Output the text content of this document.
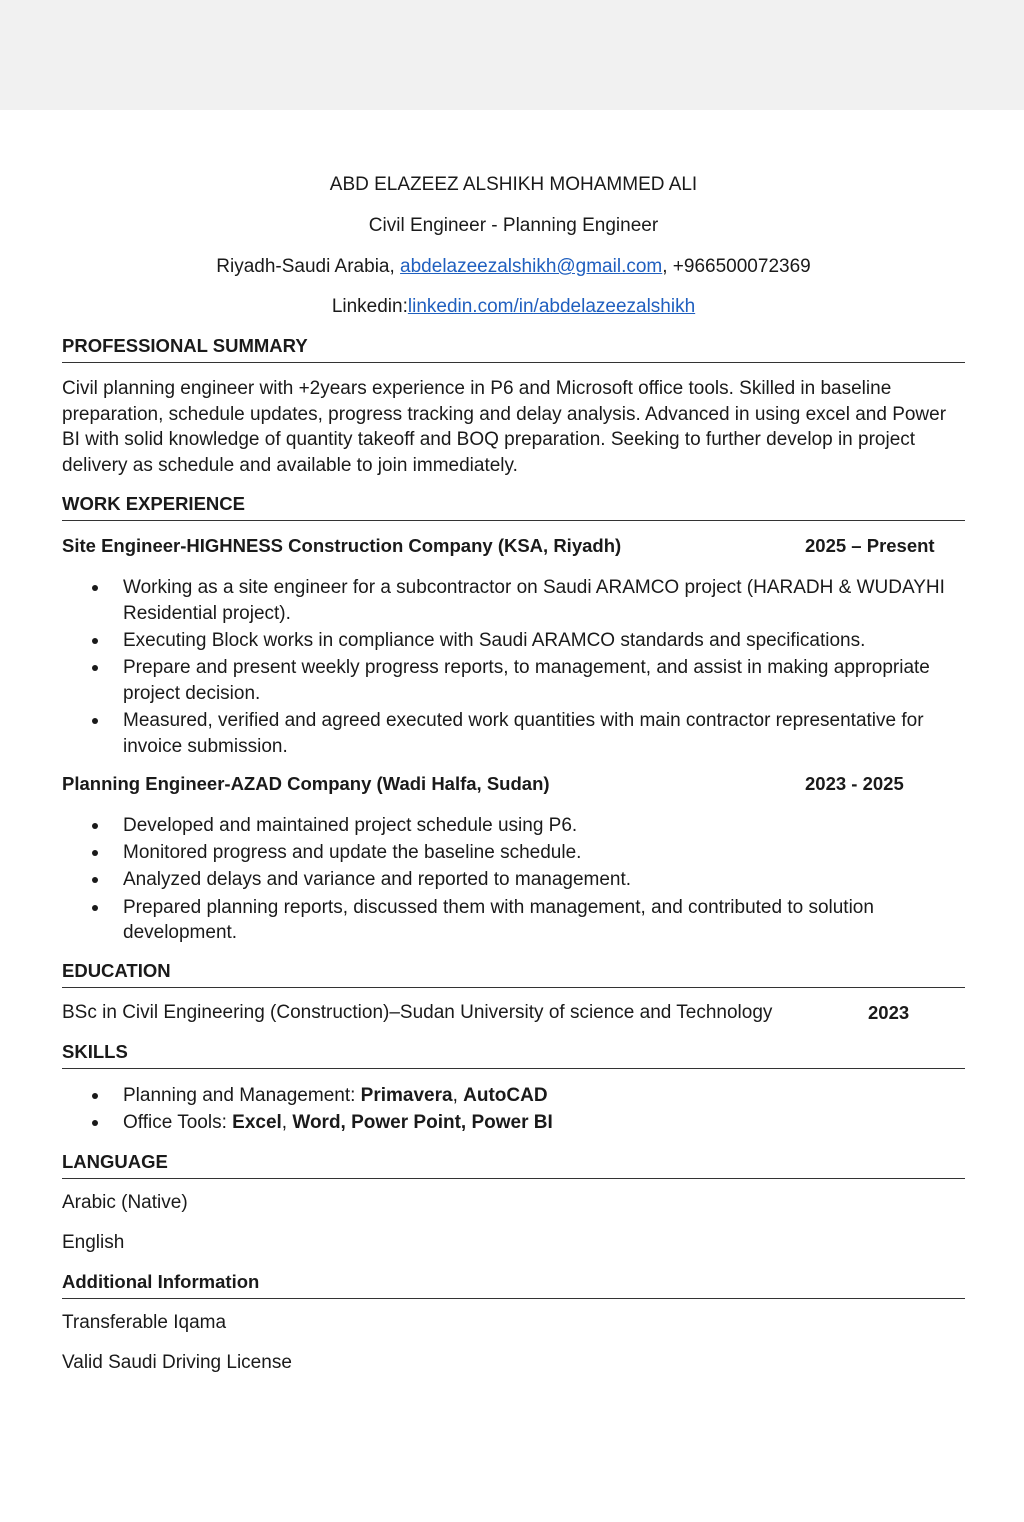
ABD ELAZEEZ ALSHIKH MOHAMMED ALI
Civil Engineer - Planning Engineer
Riyadh-Saudi Arabia, abdelazeezalshikh@gmail.com, +966500072369
Linkedin:linkedin.com/in/abdelazeezalshikh
PROFESSIONAL SUMMARY
Civil planning engineer with +2years experience in P6 and Microsoft office tools. Skilled in baseline preparation, schedule updates, progress tracking and delay analysis. Advanced in using excel and Power BI with solid knowledge of quantity takeoff and BOQ preparation. Seeking to further develop in project delivery as schedule and available to join immediately.
WORK EXPERIENCE
Site Engineer-HIGHNESS Construction Company (KSA, Riyadh)	2025 – Present
Working as a site engineer for a subcontractor on Saudi ARAMCO project (HARADH & WUDAYHI Residential project).
Executing Block works in compliance with Saudi ARAMCO standards and specifications.
Prepare and present weekly progress reports, to management, and assist in making appropriate project decision.
Measured, verified and agreed executed work quantities with main contractor representative for invoice submission.
Planning Engineer-AZAD Company (Wadi Halfa, Sudan)	2023 - 2025
Developed and maintained project schedule using P6.
Monitored progress and update the baseline schedule.
Analyzed delays and variance and reported to management.
Prepared planning reports, discussed them with management, and contributed to solution development.
EDUCATION
BSc in Civil Engineering (Construction)–Sudan University of science and Technology	2023
SKILLS
Planning and Management: Primavera, AutoCAD
Office Tools: Excel, Word, Power Point, Power BI
LANGUAGE
Arabic (Native)
English
Additional Information
Transferable Iqama
Valid Saudi Driving License
